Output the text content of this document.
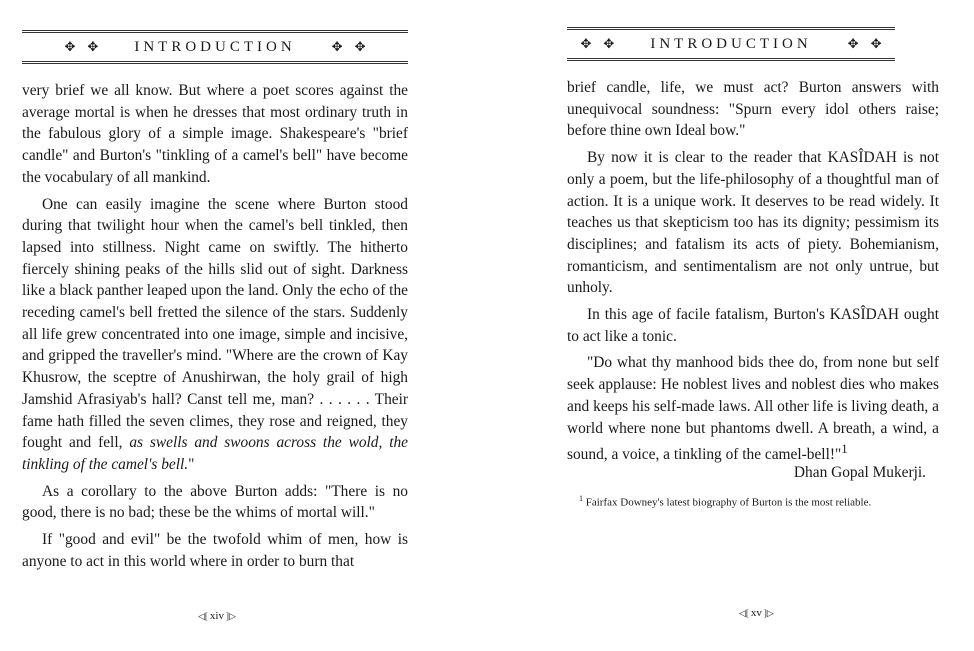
✥ ✥ INTRODUCTION	✥ ✥

very brief we all know. But where a poet scores against the average mortal is when he dresses that most ordinary truth in the fabulous glory of a simple image. Shakespeare's "brief candle" and Burton's "tinkling of a camel's bell" have become the vocabulary of all mankind.

One can easily imagine the scene where Burton stood during that twilight hour when the camel's bell tinkled, then lapsed into stillness. Night came on swiftly. The hitherto fiercely shining peaks of the hills slid out of sight. Darkness like a black panther leaped upon the land. Only the echo of the receding camel's bell fretted the silence of the stars. Suddenly all life grew concentrated into one image, simple and incisive, and gripped the traveller's mind. "Where are the crown of Kay Khusrow, the sceptre of Anushirwan, the holy grail of high Jamshid Afrasiyab's hall? Canst tell me, man? . . . . . . Their fame hath filled the seven climes, they rose and reigned, they fought and fell, as swells and swoons across the wold, the tinkling of the camel's bell."

As a corollary to the above Burton adds: "There is no good, there is no bad; these be the whims of mortal will."

If "good and evil" be the twofold whim of men, how is anyone to act in this world where in order to burn that

◁[ xiv ]▷
✥ ✥ INTRODUCTION	✥ ✥

brief candle, life, we must act? Burton answers with unequivocal soundness: "Spurn every idol others raise; before thine own Ideal bow."

By now it is clear to the reader that KASÎDAH is not only a poem, but the life-philosophy of a thoughtful man of action. It is a unique work. It deserves to be read widely. It teaches us that skepticism too has its dignity; pessimism its disciplines; and fatalism its acts of piety. Bohemianism, romanticism, and sentimentalism are not only untrue, but unholy.

In this age of facile fatalism, Burton's KASÎDAH ought to act like a tonic.

"Do what thy manhood bids thee do, from none but self seek applause: He noblest lives and noblest dies who makes and keeps his self-made laws. All other life is living death, a world where none but phantoms dwell. A breath, a wind, a sound, a voice, a tinkling of the camel-bell!"$^1$

Dhan Gopal Mukerji.
$^1$ Fairfax Downey's latest biography of Burton is the most reliable.
◁[ xv ]▷
